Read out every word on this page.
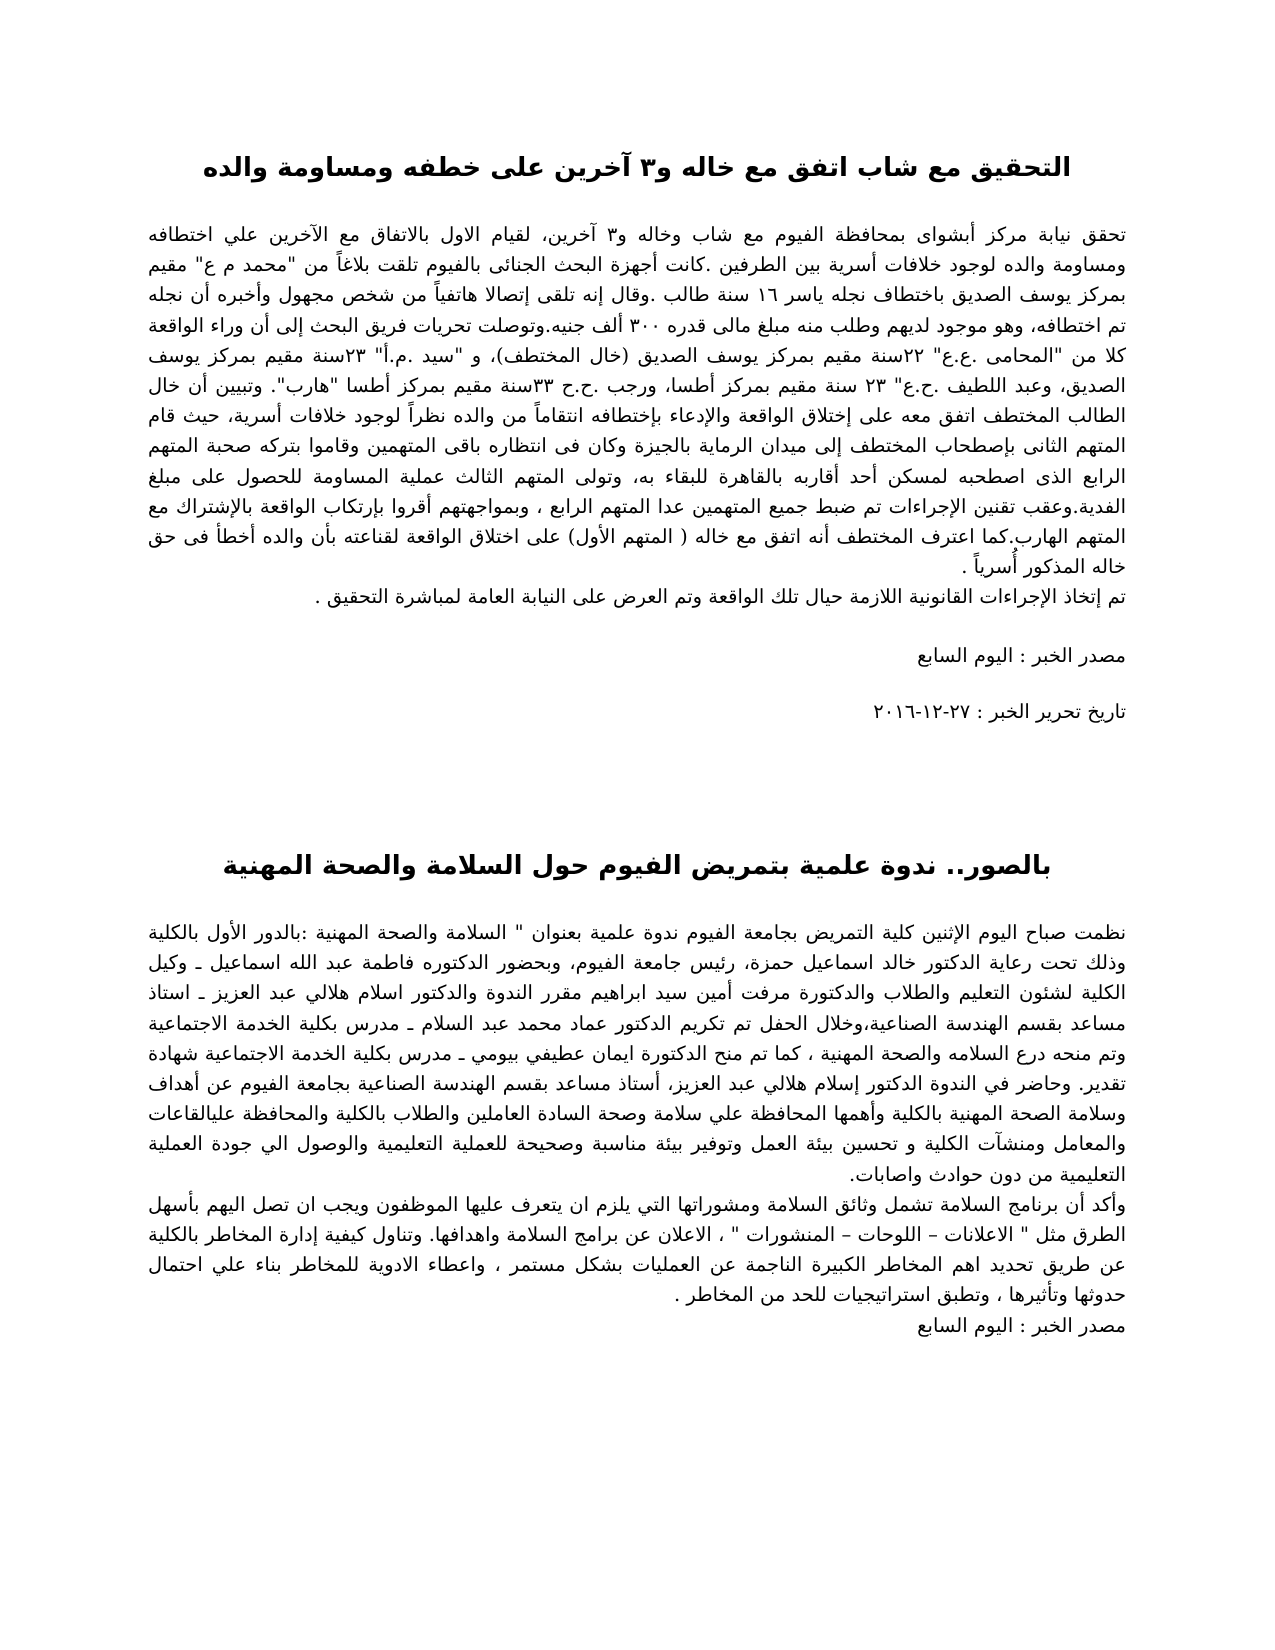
التحقيق مع شاب اتفق مع خاله و٣ آخرين على خطفه ومساومة والده
تحقق نيابة مركز أبشواى بمحافظة الفيوم مع شاب وخاله و٣ آخرين، لقيام الاول بالاتفاق مع الآخرين علي اختطافه ومساومة والده لوجود خلافات أسرية بين الطرفين .كانت أجهزة البحث الجنائى بالفيوم تلقت بلاغاً من "محمد م ع" مقيم بمركز يوسف الصديق باختطاف نجله ياسر ١٦ سنة طالب .وقال إنه تلقى إتصالا هاتفياً من شخص مجهول وأخبره أن نجله تم اختطافه، وهو موجود لديهم وطلب منه مبلغ مالى قدره ٣٠٠ ألف جنيه.وتوصلت تحريات فريق البحث إلى أن وراء الواقعة كلا من "المحامى .ع.ع" ٢٢سنة مقيم بمركز يوسف الصديق (خال المختطف)، و "سيد .م.أ" ٢٣سنة مقيم بمركز يوسف الصديق، وعبد اللطيف .ح.ع" ٢٣ سنة مقيم بمركز أطسا، ورجب .ح.ح ٣٣سنة مقيم بمركز أطسا "هارب". وتبيين أن خال الطالب المختطف اتفق معه على إختلاق الواقعة والإدعاء بإختطافه انتقاماً من والده نظراً لوجود خلافات أسرية، حيث قام المتهم الثانى بإصطحاب المختطف إلى ميدان الرماية بالجيزة وكان فى انتظاره باقى المتهمين وقاموا بتركه صحبة المتهم الرابع الذى اصطحبه لمسكن أحد أقاربه بالقاهرة للبقاء به، وتولى المتهم الثالث عملية المساومة للحصول على مبلغ الفدية.وعقب تقنين الإجراءات تم ضبط جميع المتهمين عدا المتهم الرابع ، وبمواجهتهم أقروا بإرتكاب الواقعة بالإشتراك مع المتهم الهارب.كما اعترف المختطف أنه اتفق مع خاله ( المتهم الأول) على اختلاق الواقعة لقناعته بأن والده أخطأ فى حق خاله المذكور أُسرياً .
تم إتخاذ الإجراءات القانونية اللازمة حيال تلك الواقعة وتم العرض على النيابة العامة لمباشرة التحقيق .

مصدر الخبر : اليوم السابع

تاريخ تحرير الخبر : ٢٧-١٢-٢٠١٦

بالصور.. ندوة علمية بتمريض الفيوم حول السلامة والصحة المهنية
نظمت صباح اليوم الإثنين كلية التمريض بجامعة الفيوم ندوة علمية بعنوان " السلامة والصحة المهنية :بالدور الأول بالكلية وذلك تحت رعاية الدكتور خالد اسماعيل حمزة، رئيس جامعة الفيوم، وبحضور الدكتوره فاطمة عبد الله اسماعيل ـ وكيل الكلية لشئون التعليم والطلاب والدكتورة مرفت أمين سيد ابراهيم مقرر الندوة والدكتور اسلام هلالي عبد العزيز ـ استاذ مساعد بقسم الهندسة الصناعية،وخلال الحفل تم تكريم الدكتور عماد محمد عبد السلام ـ مدرس بكلية الخدمة الاجتماعية وتم منحه درع السلامه والصحة المهنية ، كما تم منح الدكتورة ايمان عطيفي بيومي ـ مدرس بكلية الخدمة الاجتماعية شهادة تقدير. وحاضر في الندوة الدكتور إسلام هلالي عبد العزيز، أستاذ مساعد بقسم الهندسة الصناعية بجامعة الفيوم عن أهداف وسلامة الصحة المهنية بالكلية وأهمها المحافظة علي سلامة وصحة السادة العاملين والطلاب بالكلية والمحافظة عليالقاعات والمعامل ومنشآت الكلية و تحسين بيئة العمل وتوفير بيئة مناسبة وصحيحة للعملية التعليمية والوصول الي جودة العملية التعليمية من دون حوادث واصابات.
وأكد أن برنامج السلامة تشمل وثائق السلامة ومشوراتها التي يلزم ان يتعرف عليها الموظفون ويجب ان تصل اليهم بأسهل الطرق مثل " الاعلانات – اللوحات – المنشورات " ، الاعلان عن برامج السلامة واهدافها. وتناول كيفية إدارة المخاطر بالكلية عن طريق تحديد اهم المخاطر الكبيرة الناجمة عن العمليات بشكل مستمر ، واعطاء الادوية للمخاطر بناء علي احتمال حدوثها وتأثيرها ، وتطبق استراتيجيات للحد من المخاطر .

مصدر الخبر : اليوم السابع
